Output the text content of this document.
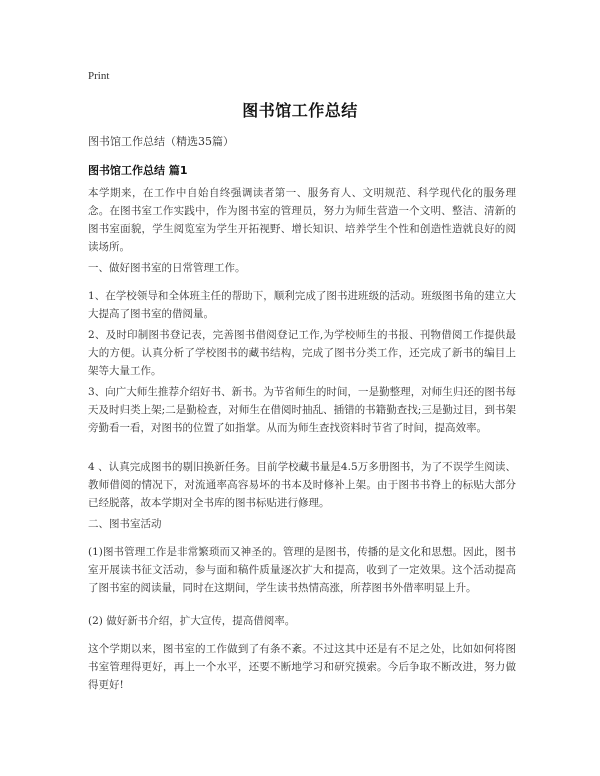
Print
图书馆工作总结
图书馆工作总结（精选35篇）
图书馆工作总结 篇1

本学期来，在工作中自始自终强调读者第一、服务育人、文明规范、科学现代化的服务理念。在图书室工作实践中，作为图书室的管理员，努力为师生营造一个文明、整洁、清新的图书室面貌，学生阅览室为学生开拓视野、增长知识、培养学生个性和创造性造就良好的阅读场所。

一、做好图书室的日常管理工作。

1、在学校领导和全体班主任的帮助下，顺利完成了图书进班级的活动。班级图书角的建立大大提高了图书室的借阅量。

2、及时印制图书登记表，完善图书借阅登记工作,为学校师生的书报、刊物借阅工作提供最大的方便。认真分析了学校图书的藏书结构，完成了图书分类工作，还完成了新书的编目上架等大量工作。

3、向广大师生推荐介绍好书、新书。为节省师生的时间，一是勤整理，对师生归还的图书每天及时归类上架;二是勤检查，对师生在借阅时抽乱、插错的书籍勤查找;三是勤过目，到书架旁勤看一看，对图书的位置了如指掌。从而为师生查找资料时节省了时间，提高效率。

4 、认真完成图书的剔旧换新任务。目前学校藏书量是4.5万多册图书，为了不误学生阅读、教师借阅的情况下，对流通率高容易坏的书本及时修补上架。由于图书书脊上的标贴大部分已经脱落，故本学期对全书库的图书标贴进行修理。

二、图书室活动

(1)图书管理工作是非常繁琐而又神圣的。管理的是图书，传播的是文化和思想。因此，图书室开展读书征文活动，参与面和稿件质量逐次扩大和提高，收到了一定效果。这个活动提高了图书室的阅读量，同时在这期间，学生读书热情高涨，所荐图书外借率明显上升。

(2) 做好新书介绍，扩大宣传，提高借阅率。

这个学期以来，图书室的工作做到了有条不紊。不过这其中还是有不足之处，比如如何将图书室管理得更好，再上一个水平，还要不断地学习和研究摸索。今后争取不断改进，努力做得更好!
